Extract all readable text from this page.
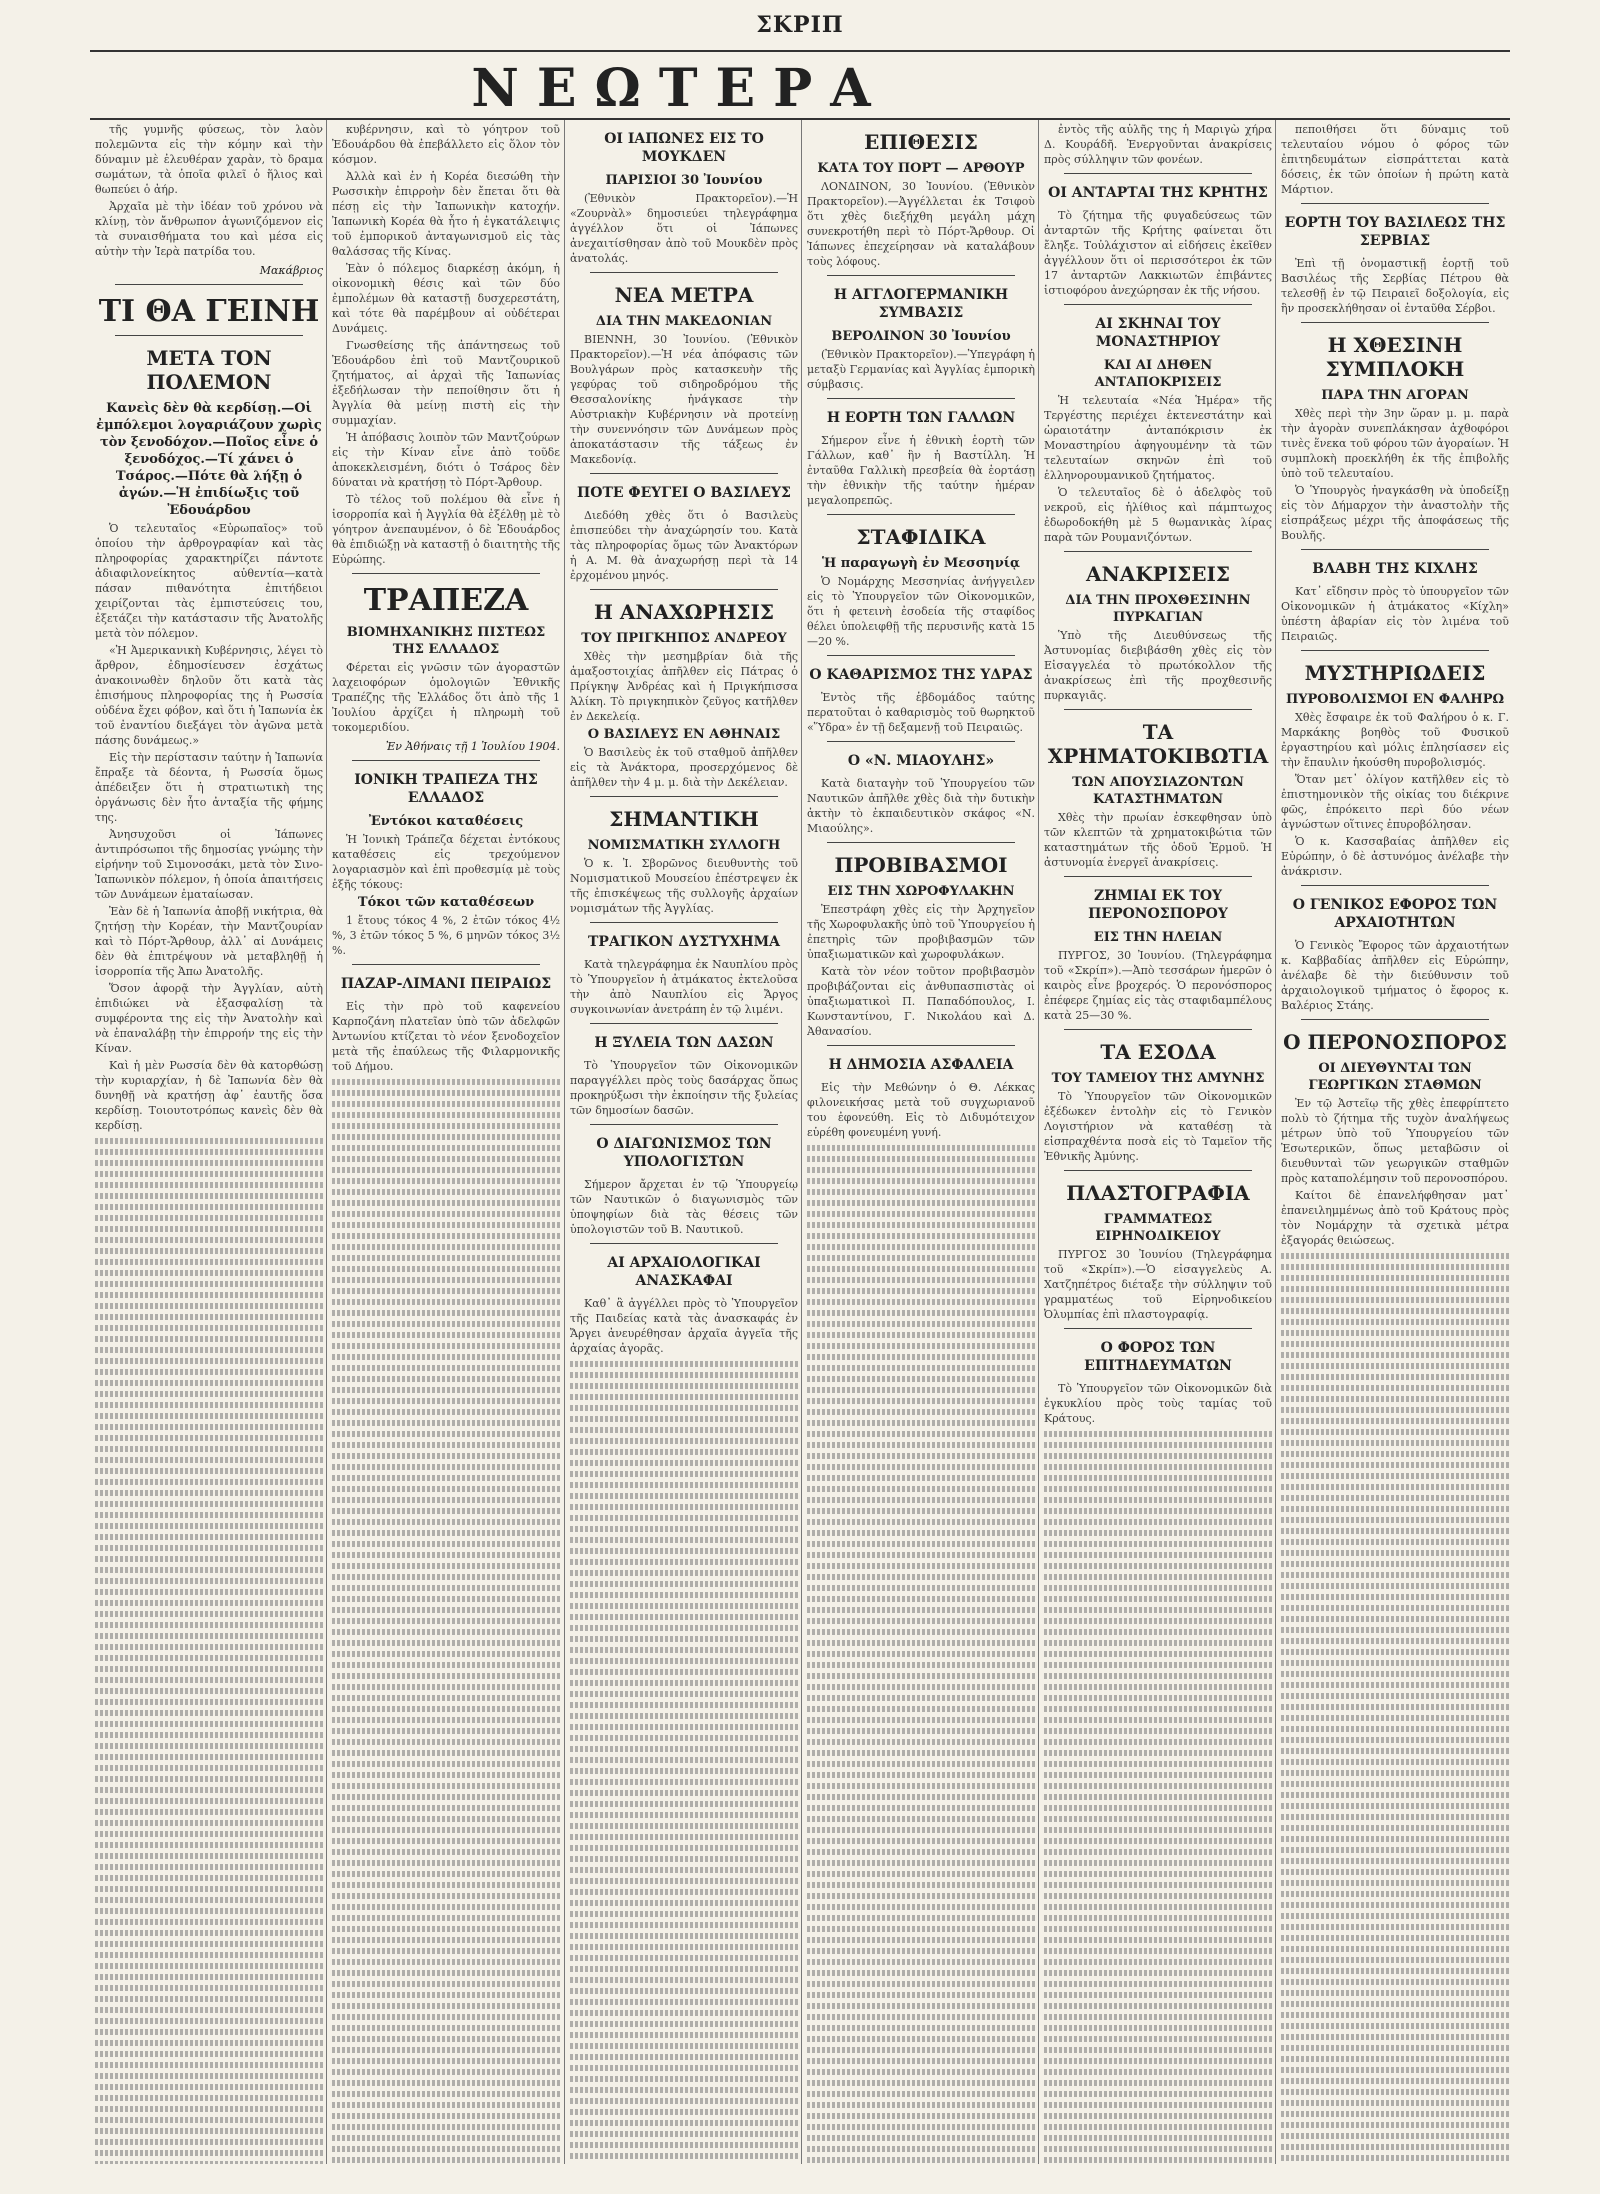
ΣΚΡΙΠ
ΝΕΩΤΕΡΑ
τῆς γυμνῆς φύσεως, τὸν λαὸν πολεμῶντα εἰς τὴν κόμην καὶ τὴν δύναμιν μὲ ἐλευθέραν χαρὰν, τὸ δραμα σωμάτων, τὰ ὁποῖα φιλεῖ ὁ ἥλιος καὶ θωπεύει ὁ ἀήρ.
Ἀρχαῖα μὲ τὴν ἰδέαν τοῦ χρόνου νὰ κλίνῃ, τὸν ἄνθρωπον ἀγωνιζόμενον εἰς τὰ συναισθήματα του καὶ μέσα εἰς αὐτὴν τὴν Ἱερὰ πατρίδα του.
Μακάβριος
ΤΙ ΘΑ ΓΕΙΝΗ
ΜΕΤΑ ΤΟΝ ΠΟΛΕΜΟΝ
Κανεὶς δὲν θὰ κερδίσῃ.—Οἱ ἐμπόλεμοι λογαριάζουν χωρὶς τὸν ξενοδόχον.—Ποῖος εἶνε ὁ ξενοδόχος.—Τί χάνει ὁ Τσάρος.—Πότε θὰ λήξῃ ὁ ἀγών.—Ἡ ἐπιδίωξις τοῦ Ἐδουάρδου
Ὁ τελευταῖος «Εὐρωπαῖος» τοῦ ὁποίου τὴν ἀρθρογραφίαν καὶ τὰς πληροφορίας χαρακτηρίζει πάντοτε ἀδιαφιλονείκητος αὐθεντία—κατὰ πάσαν πιθανότητα ἐπιτήδειοι χειρίζονται τὰς ἐμπιστεύσεις του, ἐξετάζει τὴν κατάστασιν τῆς Ἀνατολῆς μετὰ τὸν πόλεμον.
«Ἡ Ἀμερικανικὴ Κυβέρνησις, λέγει τὸ ἄρθρον, ἐδημοσίευσεν ἐσχάτως ἀνακοινωθὲν δηλοῦν ὅτι κατὰ τὰς ἐπισήμους πληροφορίας της ἡ Ρωσσία οὐδένα ἔχει φόβον, καὶ ὅτι ἡ Ἰαπωνία ἐκ τοῦ ἐναντίου διεξάγει τὸν ἀγῶνα μετὰ πάσης δυνάμεως.»
Εἰς τὴν περίστασιν ταύτην ἡ Ἰαπωνία ἔπραξε τὰ δέοντα, ἡ Ρωσσία ὅμως ἀπέδειξεν ὅτι ἡ στρατιωτικὴ της ὀργάνωσις δὲν ἦτο ἀνταξία τῆς φήμης της.
Ἀνησυχοῦσι οἱ Ἰάπωνες ἀντιπρόσωποι τῆς δημοσίας γνώμης τὴν εἰρήνην τοῦ Σιμονοσάκι, μετὰ τὸν Σινο-Ἰαπωνικὸν πόλεμον, ἡ ὁποία ἀπαιτήσεις τῶν Δυνάμεων ἐματαίωσαν.
Ἐὰν δὲ ἡ Ἰαπωνία ἀποβῇ νικήτρια, θὰ ζητήσῃ τὴν Κορέαν, τὴν Μαντζουρίαν καὶ τὸ Πόρτ-Ἄρθουρ, ἀλλ᾽ αἱ Δυνάμεις δὲν θὰ ἐπιτρέψουν νὰ μεταβληθῇ ἡ ἰσορροπία τῆς Ἀπω Ἀνατολῆς.
Ὅσον ἀφορᾷ τὴν Ἀγγλίαν, αὐτὴ ἐπιδιώκει νὰ ἐξασφαλίσῃ τὰ συμφέροντα της εἰς τὴν Ἀνατολὴν καὶ νὰ ἐπαναλάβῃ τὴν ἐπιρροήν της εἰς τὴν Κίναν.
Καὶ ἡ μὲν Ρωσσία δὲν θὰ κατορθώσῃ τὴν κυριαρχίαν, ἡ δὲ Ἰαπωνία δὲν θὰ δυνηθῇ νὰ κρατήσῃ ἀφ᾽ ἑαυτῆς ὅσα κερδίσῃ. Τοιουτοτρόπως κανεὶς δὲν θὰ κερδίσῃ.
κυβέρνησιν, καὶ τὸ γόητρον τοῦ Ἐδουάρδου θὰ ἐπεβάλλετο εἰς ὅλον τὸν κόσμον.
Ἀλλὰ καὶ ἐν ἡ Κορέα διεσώθη τὴν Ρωσσικὴν ἐπιρροὴν δὲν ἔπεται ὅτι θὰ πέσῃ εἰς τὴν Ἰαπωνικὴν κατοχήν. Ἰαπωνικὴ Κορέα θὰ ἦτο ἡ ἐγκατάλειψις τοῦ ἐμπορικοῦ ἀνταγωνισμοῦ εἰς τὰς θαλάσσας τῆς Κίνας.
Ἐὰν ὁ πόλεμος διαρκέσῃ ἀκόμη, ἡ οἰκονομικὴ θέσις καὶ τῶν δύο ἐμπολέμων θὰ καταστῇ δυσχερεστάτη, καὶ τότε θὰ παρέμβουν αἱ οὐδέτεραι Δυνάμεις.
Γνωσθείσης τῆς ἀπάντησεως τοῦ Ἐδουάρδου ἐπὶ τοῦ Μαντζουρικοῦ ζητήματος, αἱ ἀρχαὶ τῆς Ἰαπωνίας ἐξεδήλωσαν τὴν πεποίθησιν ὅτι ἡ Ἀγγλία θὰ μείνῃ πιστὴ εἰς τὴν συμμαχίαν.
Ἡ ἀπόβασις λοιπὸν τῶν Μαντζούρων εἰς τὴν Κίναν εἶνε ἀπὸ τοῦδε ἀποκεκλεισμένη, διότι ὁ Τσάρος δὲν δύναται νὰ κρατήσῃ τὸ Πόρτ-Ἄρθουρ.
Τὸ τέλος τοῦ πολέμου θὰ εἶνε ἡ ἰσορροπία καὶ ἡ Ἀγγλία θὰ ἐξέλθῃ μὲ τὸ γόητρον ἀνεπαυμένον, ὁ δὲ Ἐδουάρδος θὰ ἐπιδιώξῃ νὰ καταστῇ ὁ διαιτητὴς τῆς Εὐρώπης.
ΤΡΑΠΕΖΑ
ΒΙΟΜΗΧΑΝΙΚΗΣ ΠΙΣΤΕΩΣ ΤΗΣ ΕΛΛΑΔΟΣ
Φέρεται εἰς γνῶσιν τῶν ἀγοραστῶν λαχειοφόρων ὁμολογιῶν Ἐθνικῆς Τραπέζης τῆς Ἑλλάδος ὅτι ἀπὸ τῆς 1 Ἰουλίου ἀρχίζει ἡ πληρωμὴ τοῦ τοκομεριδίου.
Ἐν Ἀθήναις τῇ 1 Ἰουλίου 1904.
ΙΟΝΙΚΗ ΤΡΑΠΕΖΑ ΤΗΣ ΕΛΛΑΔΟΣ
Ἐντόκοι καταθέσεις
Ἡ Ἰονικὴ Τράπεζα δέχεται ἐντόκους καταθέσεις εἰς τρεχούμενον λογαριασμὸν καὶ ἐπὶ προθεσμίᾳ μὲ τοὺς ἑξῆς τόκους:
Τόκοι τῶν καταθέσεων
1 ἔτους τόκος 4 %, 2 ἐτῶν τόκος 4½ %, 3 ἐτῶν τόκος 5 %, 6 μηνῶν τόκος 3½ %.
ΠΑΖΑΡ-ΛΙΜΑΝΙ ΠΕΙΡΑΙΩΣ
Εἰς τὴν πρὸ τοῦ καφενείου Καρποζάνη πλατεῖαν ὑπὸ τῶν ἀδελφῶν Ἀντωνίου κτίζεται τὸ νέον ξενοδοχεῖον μετὰ τῆς ἐπαύλεως τῆς Φιλαρμονικῆς τοῦ Δήμου.
ΟΙ ΙΑΠΩΝΕΣ ΕΙΣ ΤΟ ΜΟΥΚΔΕΝ
ΠΑΡΙΣΙΟΙ 30 Ἰουνίου
(Ἐθνικὸν Πρακτορεῖον).—Ἡ «Ζουρνὰλ» δημοσιεύει τηλεγράφημα ἀγγέλλον ὅτι οἱ Ἰάπωνες ἀνεχαιτίσθησαν ἀπὸ τοῦ Μουκδὲν πρὸς ἀνατολάς.
ΝΕΑ ΜΕΤΡΑ
ΔΙΑ ΤΗΝ ΜΑΚΕΔΟΝΙΑΝ
ΒΙΕΝΝΗ, 30 Ἰουνίου. (Ἐθνικὸν Πρακτορεῖον).—Ἡ νέα ἀπόφασις τῶν Βουλγάρων πρὸς κατασκευὴν τῆς γεφύρας τοῦ σιδηροδρόμου τῆς Θεσσαλονίκης ἠνάγκασε τὴν Αὐστριακὴν Κυβέρνησιν νὰ προτείνῃ τὴν συνεννόησιν τῶν Δυνάμεων πρὸς ἀποκατάστασιν τῆς τάξεως ἐν Μακεδονίᾳ.
ΠΟΤΕ ΦΕΥΓΕΙ Ο ΒΑΣΙΛΕΥΣ
Διεδόθη χθὲς ὅτι ὁ Βασιλεὺς ἐπισπεύδει τὴν ἀναχώρησίν του. Κατὰ τὰς πληροφορίας ὅμως τῶν Ἀνακτόρων ἡ Α. Μ. θὰ ἀναχωρήσῃ περὶ τὰ 14 ἐρχομένου μηνός.
Η ΑΝΑΧΩΡΗΣΙΣ
ΤΟΥ ΠΡΙΓΚΗΠΟΣ ΑΝΔΡΕΟΥ
Χθὲς τὴν μεσημβρίαν διὰ τῆς ἁμαξοστοιχίας ἀπῆλθεν εἰς Πάτρας ὁ Πρίγκηψ Ἀνδρέας καὶ ἡ Πριγκήπισσα Ἀλίκη. Τὸ πριγκηπικὸν ζεῦγος κατῆλθεν ἐν Δεκελείᾳ.
Ο ΒΑΣΙΛΕΥΣ ΕΝ ΑΘΗΝΑΙΣ
Ὁ Βασιλεὺς ἐκ τοῦ σταθμοῦ ἀπῆλθεν εἰς τὰ Ἀνάκτορα, προσερχόμενος δὲ ἀπῆλθεν τὴν 4 μ. μ. διὰ τὴν Δεκέλειαν.
ΣΗΜΑΝΤΙΚΗ
ΝΟΜΙΣΜΑΤΙΚΗ ΣΥΛΛΟΓΗ
Ὁ κ. Ἰ. Σβορῶνος διευθυντὴς τοῦ Νομισματικοῦ Μουσείου ἐπέστρεψεν ἐκ τῆς ἐπισκέψεως τῆς συλλογῆς ἀρχαίων νομισμάτων τῆς Ἀγγλίας.
ΤΡΑΓΙΚΟΝ ΔΥΣΤΥΧΗΜΑ
Κατὰ τηλεγράφημα ἐκ Ναυπλίου πρὸς τὸ Ὑπουργεῖον ἡ ἀτμάκατος ἐκτελοῦσα τὴν ἀπὸ Ναυπλίου εἰς Ἄργος συγκοινωνίαν ἀνετράπη ἐν τῷ λιμένι.
Η ΞΥΛΕΙΑ ΤΩΝ ΔΑΣΩΝ
Τὸ Ὑπουργεῖον τῶν Οἰκονομικῶν παραγγέλλει πρὸς τοὺς δασάρχας ὅπως προκηρύξωσι τὴν ἐκποίησιν τῆς ξυλείας τῶν δημοσίων δασῶν.
Ο ΔΙΑΓΩΝΙΣΜΟΣ ΤΩΝ ΥΠΟΛΟΓΙΣΤΩΝ
Σήμερον ἄρχεται ἐν τῷ Ὑπουργείῳ τῶν Ναυτικῶν ὁ διαγωνισμὸς τῶν ὑποψηφίων διὰ τὰς θέσεις τῶν ὑπολογιστῶν τοῦ Β. Ναυτικοῦ.
ΑΙ ΑΡΧΑΙΟΛΟΓΙΚΑΙ ΑΝΑΣΚΑΦΑΙ
Καθ᾽ ἃ ἀγγέλλει πρὸς τὸ Ὑπουργεῖον τῆς Παιδείας κατὰ τὰς ἀνασκαφάς ἐν Ἄργει ἀνευρέθησαν ἀρχαῖα ἀγγεῖα τῆς ἀρχαίας ἀγορᾶς.
ΕΠΙΘΕΣΙΣ
ΚΑΤΑ ΤΟΥ ΠΟΡΤ — ΑΡΘΟΥΡ
ΛΟΝΔΙΝΟΝ, 30 Ἰουνίου. (Ἐθνικὸν Πρακτορεῖον).—Ἀγγέλλεται ἐκ Τσιφοὺ ὅτι χθὲς διεξήχθη μεγάλη μάχη συνεκροτήθη περὶ τὸ Πόρτ-Ἄρθουρ. Οἱ Ἰάπωνες ἐπεχείρησαν νὰ καταλάβουν τοὺς λόφους.
Η ΑΓΓΛΟΓΕΡΜΑΝΙΚΗ ΣΥΜΒΑΣΙΣ
ΒΕΡΟΛΙΝΟΝ 30 Ἰουνίου
(Ἐθνικὸν Πρακτορεῖον).—Ὑπεγράφη ἡ μεταξὺ Γερμανίας καὶ Ἀγγλίας ἐμπορικὴ σύμβασις.
Η ΕΟΡΤΗ ΤΩΝ ΓΑΛΛΩΝ
Σήμερον εἶνε ἡ ἐθνικὴ ἑορτὴ τῶν Γάλλων, καθ᾽ ἣν ἡ Βαστίλλη. Ἡ ἐνταῦθα Γαλλικὴ πρεσβεία θὰ ἑορτάσῃ τὴν ἐθνικὴν τῆς ταύτην ἡμέραν μεγαλοπρεπῶς.
ΣΤΑΦΙΔΙΚΑ
Ἡ παραγωγὴ ἐν Μεσσηνίᾳ
Ὁ Νομάρχης Μεσσηνίας ἀνήγγειλεν εἰς τὸ Ὑπουργεῖον τῶν Οἰκονομικῶν, ὅτι ἡ φετεινὴ ἐσοδεία τῆς σταφίδος θέλει ὑπολειφθῇ τῆς περυσινῆς κατὰ 15—20 %.
Ο ΚΑΘΑΡΙΣΜΟΣ ΤΗΣ ΥΔΡΑΣ
Ἐντὸς τῆς ἑβδομάδος ταύτης περατοῦται ὁ καθαρισμὸς τοῦ θωρηκτοῦ «Ὕδρα» ἐν τῇ δεξαμενῇ τοῦ Πειραιῶς.
Ο «Ν. ΜΙΑΟΥΛΗΣ»
Κατὰ διαταγὴν τοῦ Ὑπουργείου τῶν Ναυτικῶν ἀπῆλθε χθὲς διὰ τὴν δυτικὴν ἀκτὴν τὸ ἐκπαιδευτικὸν σκάφος «Ν. Μιαούλης».
ΠΡΟΒΙΒΑΣΜΟΙ
ΕΙΣ ΤΗΝ ΧΩΡΟΦΥΛΑΚΗΝ
Ἐπεστράφη χθὲς εἰς τὴν Ἀρχηγεῖον τῆς Χωροφυλακῆς ὑπὸ τοῦ Ὑπουργείου ἡ ἐπετηρὶς τῶν προβιβασμῶν τῶν ὑπαξιωματικῶν καὶ χωροφυλάκων.
Κατὰ τὸν νέον τοῦτον προβιβασμὸν προβιβάζονται εἰς ἀνθυπασπιστὰς οἱ ὑπαξιωματικοὶ Π. Παπαδόπουλος, Ι. Κωνσταντίνου, Γ. Νικολάου καὶ Δ. Ἀθανασίου.
Η ΔΗΜΟΣΙΑ ΑΣΦΑΛΕΙΑ
Εἰς τὴν Μεθώνην ὁ Θ. Λέκκας φιλονεικήσας μετὰ τοῦ συγχωριανοῦ του ἐφονεύθη. Εἰς τὸ Διδυμότειχον εὑρέθη φονευμένη γυνή.
ἐντὸς τῆς αὐλῆς της ἡ Μαριγὼ χήρα Δ. Κουράδῆ. Ἐνεργοῦνται ἀνακρίσεις πρὸς σύλληψιν τῶν φονέων.
ΟΙ ΑΝΤΑΡΤΑΙ ΤΗΣ ΚΡΗΤΗΣ
Τὸ ζήτημα τῆς φυγαδεύσεως τῶν ἀνταρτῶν τῆς Κρήτης φαίνεται ὅτι ἔληξε. Τοὐλάχιστον αἱ εἰδήσεις ἐκεῖθεν ἀγγέλλουν ὅτι οἱ περισσότεροι ἐκ τῶν 17 ἀνταρτῶν Λακκιωτῶν ἐπιβάντες ἱστιοφόρου ἀνεχώρησαν ἐκ τῆς νήσου.
ΑΙ ΣΚΗΝΑΙ ΤΟΥ ΜΟΝΑΣΤΗΡΙΟΥ
ΚΑΙ ΑΙ ΔΗΘΕΝ ΑΝΤΑΠΟΚΡΙΣΕΙΣ
Ἡ τελευταία «Νέα Ἡμέρα» τῆς Τεργέστης περιέχει ἐκτενεστάτην καὶ ὡραιοτάτην ἀνταπόκρισιν ἐκ Μοναστηρίου ἀφηγουμένην τὰ τῶν τελευταίων σκηνῶν ἐπὶ τοῦ ἑλληνορουμανικοῦ ζητήματος.
Ὁ τελευταῖος δὲ ὁ ἀδελφὸς τοῦ νεκροῦ, εἰς ἡλίθιος καὶ πάμπτωχος ἐδωροδοκήθη μὲ 5 θωμανικὰς λίρας παρὰ τῶν Ρουμανιζόντων.
ΑΝΑΚΡΙΣΕΙΣ
ΔΙΑ ΤΗΝ ΠΡΟΧΘΕΣΙΝΗΝ ΠΥΡΚΑΓΙΑΝ
Ὑπὸ τῆς Διευθύνσεως τῆς Ἀστυνομίας διεβιβάσθη χθὲς εἰς τὸν Εἰσαγγελέα τὸ πρωτόκολλον τῆς ἀνακρίσεως ἐπὶ τῆς προχθεσινῆς πυρκαγιᾶς.
ΤΑ ΧΡΗΜΑΤΟΚΙΒΩΤΙΑ
ΤΩΝ ΑΠΟΥΣΙΑΖΟΝΤΩΝ ΚΑΤΑΣΤΗΜΑΤΩΝ
Χθὲς τὴν πρωίαν ἐσκεφθησαν ὑπὸ τῶν κλεπτῶν τὰ χρηματοκιβώτια τῶν καταστημάτων τῆς ὁδοῦ Ἑρμοῦ. Ἡ ἀστυνομία ἐνεργεῖ ἀνακρίσεις.
ΖΗΜΙΑΙ ΕΚ ΤΟΥ ΠΕΡΟΝΟΣΠΟΡΟΥ
ΕΙΣ ΤΗΝ ΗΛΕΙΑΝ
ΠΥΡΓΟΣ, 30 Ἰουνίου. (Τηλεγράφημα τοῦ «Σκρίπ»).—Ἀπὸ τεσσάρων ἡμερῶν ὁ καιρὸς εἶνε βροχερός. Ὁ περονόσπορος ἐπέφερε ζημίας εἰς τὰς σταφιδαμπέλους κατὰ 25—30 %.
ΤΑ ΕΣΟΔΑ
ΤΟΥ ΤΑΜΕΙΟΥ ΤΗΣ ΑΜΥΝΗΣ
Τὸ Ὑπουργεῖον τῶν Οἰκονομικῶν ἐξέδωκεν ἐντολὴν εἰς τὸ Γενικὸν Λογιστήριον νὰ καταθέσῃ τὰ εἰσπραχθέντα ποσὰ εἰς τὸ Ταμεῖον τῆς Ἐθνικῆς Ἀμύνης.
ΠΛΑΣΤΟΓΡΑΦΙΑ
ΓΡΑΜΜΑΤΕΩΣ ΕΙΡΗΝΟΔΙΚΕΙΟΥ
ΠΥΡΓΟΣ 30 Ἰουνίου (Τηλεγράφημα τοῦ «Σκρίπ»).—Ὁ εἰσαγγελεὺς Α. Χατζηπέτρος διέταξε τὴν σύλληψιν τοῦ γραμματέως τοῦ Εἰρηνοδικείου Ὀλυμπίας ἐπὶ πλαστογραφίᾳ.
Ο ΦΟΡΟΣ ΤΩΝ ΕΠΙΤΗΔΕΥΜΑΤΩΝ
Τὸ Ὑπουργεῖον τῶν Οἰκονομικῶν διὰ ἐγκυκλίου πρὸς τοὺς ταμίας τοῦ Κράτους.
πεποιθήσει ὅτι δύναμις τοῦ τελευταίου νόμου ὁ φόρος τῶν ἐπιτηδευμάτων εἰσπράττεται κατὰ δόσεις, ἐκ τῶν ὁποίων ἡ πρώτη κατὰ Μάρτιον.
ΕΟΡΤΗ ΤΟΥ ΒΑΣΙΛΕΩΣ ΤΗΣ ΣΕΡΒΙΑΣ
Ἐπὶ τῇ ὀνομαστικῇ ἑορτῇ τοῦ Βασιλέως τῆς Σερβίας Πέτρου θὰ τελεσθῇ ἐν τῷ Πειραιεῖ δοξολογία, εἰς ἣν προσεκλήθησαν οἱ ἐνταῦθα Σέρβοι.
Η ΧΘΕΣΙΝΗ ΣΥΜΠΛΟΚΗ
ΠΑΡΑ ΤΗΝ ΑΓΟΡΑΝ
Χθὲς περὶ τὴν 3ην ὥραν μ. μ. παρὰ τὴν ἀγορὰν συνεπλάκησαν ἀχθοφόροι τινὲς ἕνεκα τοῦ φόρου τῶν ἀγοραίων. Ἡ συμπλοκὴ προεκλήθη ἐκ τῆς ἐπιβολῆς ὑπὸ τοῦ τελευταίου.
Ὁ Ὑπουργὸς ἠναγκάσθη νὰ ὑποδείξῃ εἰς τὸν Δήμαρχον τὴν ἀναστολὴν τῆς εἰσπράξεως μέχρι τῆς ἀποφάσεως τῆς Βουλῆς.
ΒΛΑΒΗ ΤΗΣ ΚΙΧΛΗΣ
Κατ᾽ εἴδησιν πρὸς τὸ ὑπουργεῖον τῶν Οἰκονομικῶν ἡ ἀτμάκατος «Κίχλη» ὑπέστη ἀβαρίαν εἰς τὸν λιμένα τοῦ Πειραιῶς.
ΜΥΣΤΗΡΙΩΔΕΙΣ
ΠΥΡΟΒΟΛΙΣΜΟΙ ΕΝ ΦΑΛΗΡΩ
Χθὲς ἔσφαιρε ἐκ τοῦ Φαλήρου ὁ κ. Γ. Μαρκάκης βοηθὸς τοῦ Φυσικοῦ ἐργαστηρίου καὶ μόλις ἐπλησίασεν εἰς τὴν ἔπαυλιν ἠκούσθη πυροβολισμός.
Ὅταν μετ᾽ ὀλίγον κατῆλθεν εἰς τὸ ἐπιστημονικὸν τῆς οἰκίας του διέκρινε φῶς, ἐπρόκειτο περὶ δύο νέων ἀγνώστων οἵτινες ἐπυροβόλησαν.
Ὁ κ. Κασσαβαίας ἀπῆλθεν εἰς Εὐρώπην, ὁ δὲ ἀστυνόμος ἀνέλαβε τὴν ἀνάκρισιν.
Ο ΓΕΝΙΚΟΣ ΕΦΟΡΟΣ ΤΩΝ ΑΡΧΑΙΟΤΗΤΩΝ
Ὁ Γενικὸς Ἔφορος τῶν ἀρχαιοτήτων κ. Καββαδίας ἀπῆλθεν εἰς Εὐρώπην, ἀνέλαβε δὲ τὴν διεύθυνσιν τοῦ ἀρχαιολογικοῦ τμήματος ὁ ἔφορος κ. Βαλέριος Στάης.
Ο ΠΕΡΟΝΟΣΠΟΡΟΣ
ΟΙ ΔΙΕΥΘΥΝΤΑΙ ΤΩΝ ΓΕΩΡΓΙΚΩΝ ΣΤΑΘΜΩΝ
Ἐν τῷ Ἀστεῖῳ τῆς χθὲς ἐπεφρίπτετο πολὺ τὸ ζήτημα τῆς τυχὸν ἀναλήψεως μέτρων ὑπὸ τοῦ Ὑπουργείου τῶν Ἐσωτερικῶν, ὅπως μεταβῶσιν οἱ διευθυνταὶ τῶν γεωργικῶν σταθμῶν πρὸς καταπολέμησιν τοῦ περονοσπόρου.
Καίτοι δὲ ἐπανελήφθησαν ματ᾽ ἐπανειλημμένως ἀπὸ τοῦ Κράτους πρὸς τὸν Νομάρχην τὰ σχετικὰ μέτρα ἐξαγοράς θειώσεως.
